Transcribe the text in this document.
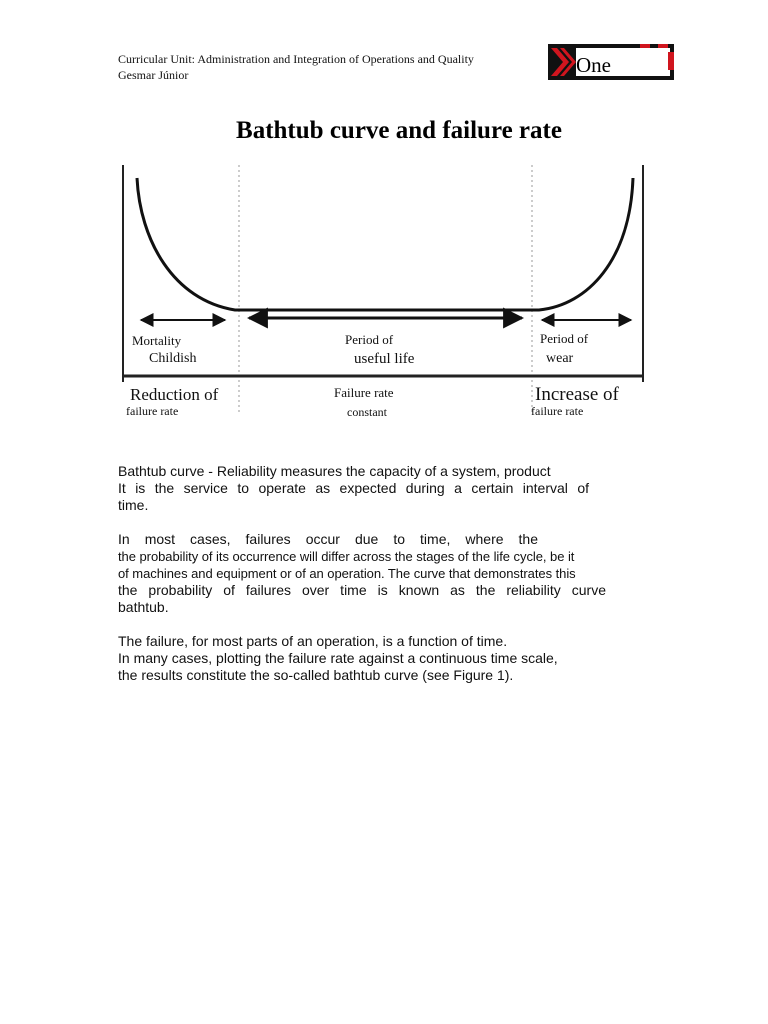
Curricular Unit: Administration and Integration of Operations and Quality
Gesmar Júnior	One
Bathtub curve and failure rate
Mortality
Childish
Period of
useful life
Period of
wear
Reduction of
failure rate
Failure rate
constant
Increase of
failure rate

Bathtub curve - Reliability measures the capacity of a system, product
It is the service to operate as expected during a certain interval of
time.

In most cases, failures occur due to time, where the
the probability of its occurrence will differ across the stages of the life cycle, be it
of machines and equipment or of an operation. The curve that demonstrates this
the probability of failures over time is known as the reliability curve
bathtub.

The failure, for most parts of an operation, is a function of time.
In many cases, plotting the failure rate against a continuous time scale,
the results constitute the so-called bathtub curve (see Figure 1).
